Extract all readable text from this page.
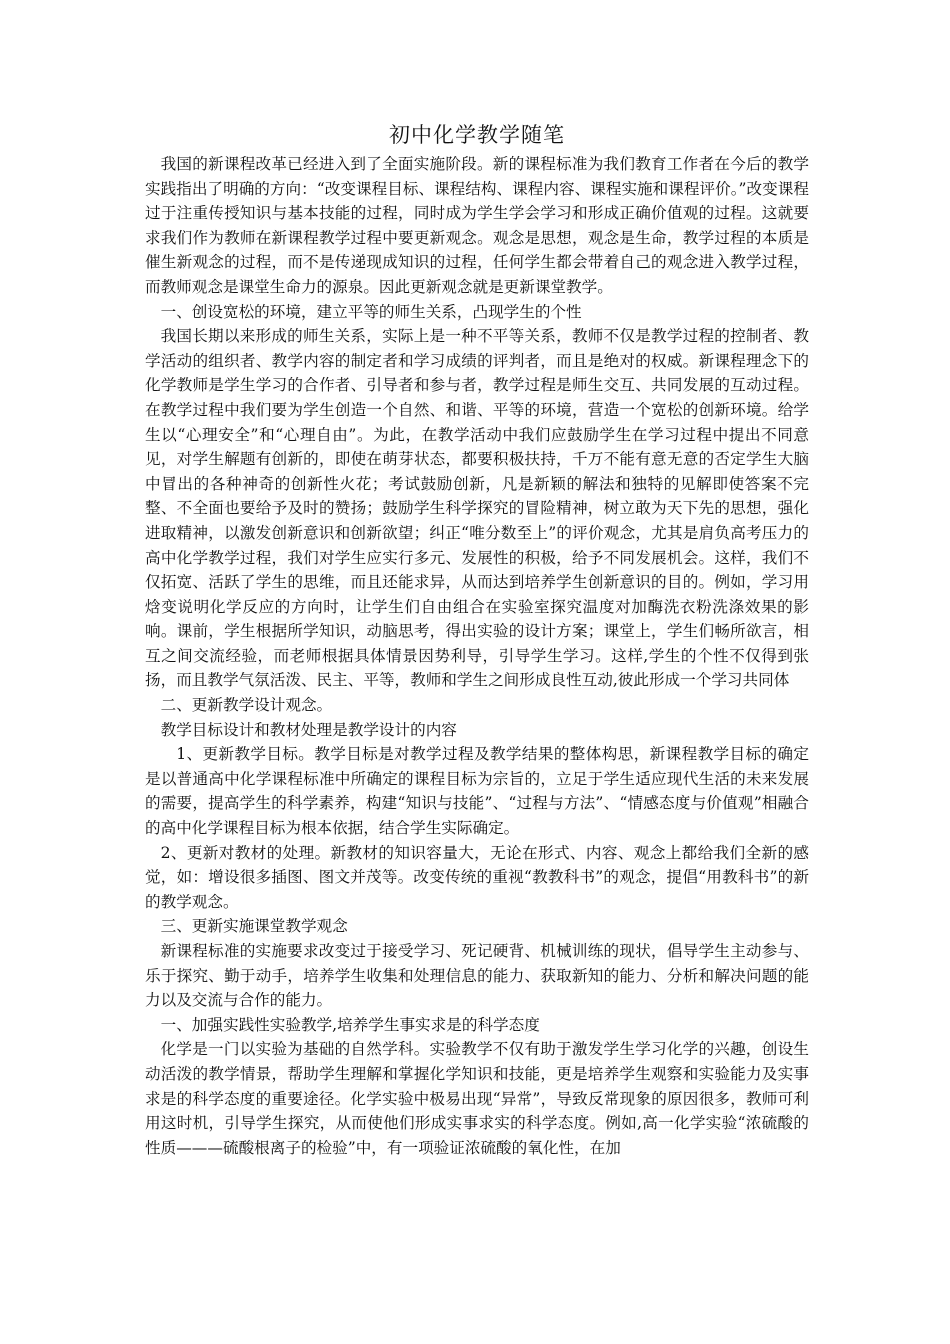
初中化学教学随笔

我国的新课程改革已经进入到了全面实施阶段。新的课程标准为我们教育工作者在今后的教学实践指出了明确的方向：“改变课程目标、课程结构、课程内容、课程实施和课程评价。”改变课程过于注重传授知识与基本技能的过程，同时成为学生学会学习和形成正确价值观的过程。这就要求我们作为教师在新课程教学过程中要更新观念。观念是思想，观念是生命，教学过程的本质是催生新观念的过程，而不是传递现成知识的过程，任何学生都会带着自己的观念进入教学过程，而教师观念是课堂生命力的源泉。因此更新观念就是更新课堂教学。

一、创设宽松的环境，建立平等的师生关系，凸现学生的个性

我国长期以来形成的师生关系，实际上是一种不平等关系，教师不仅是教学过程的控制者、教学活动的组织者、教学内容的制定者和学习成绩的评判者，而且是绝对的权威。新课程理念下的化学教师是学生学习的合作者、引导者和参与者，教学过程是师生交互、共同发展的互动过程。在教学过程中我们要为学生创造一个自然、和谐、平等的环境，营造一个宽松的创新环境。给学生以“心理安全”和“心理自由”。为此，在教学活动中我们应鼓励学生在学习过程中提出不同意见，对学生解题有创新的，即使在萌芽状态，都要积极扶持，千万不能有意无意的否定学生大脑中冒出的各种神奇的创新性火花；考试鼓励创新，凡是新颖的解法和独特的见解即使答案不完整、不全面也要给予及时的赞扬；鼓励学生科学探究的冒险精神，树立敢为天下先的思想，强化进取精神，以激发创新意识和创新欲望；纠正“唯分数至上”的评价观念，尤其是肩负高考压力的高中化学教学过程，我们对学生应实行多元、发展性的积极，给予不同发展机会。这样，我们不仅拓宽、活跃了学生的思维，而且还能求异，从而达到培养学生创新意识的目的。例如，学习用焓变说明化学反应的方向时，让学生们自由组合在实验室探究温度对加酶洗衣粉洗涤效果的影响。课前，学生根据所学知识，动脑思考，得出实验的设计方案；课堂上，学生们畅所欲言，相互之间交流经验，而老师根据具体情景因势利导，引导学生学习。这样,学生的个性不仅得到张扬，而且教学气氛活泼、民主、平等，教师和学生之间形成良性互动,彼此形成一个学习共同体

二、更新教学设计观念。

教学目标设计和教材处理是教学设计的内容

1、更新教学目标。教学目标是对教学过程及教学结果的整体构思，新课程教学目标的确定是以普通高中化学课程标准中所确定的课程目标为宗旨的，立足于学生适应现代生活的未来发展的需要，提高学生的科学素养，构建“知识与技能”、“过程与方法”、“情感态度与价值观”相融合的高中化学课程目标为根本依据，结合学生实际确定。

2、更新对教材的处理。新教材的知识容量大，无论在形式、内容、观念上都给我们全新的感觉，如：增设很多插图、图文并茂等。改变传统的重视“教教科书”的观念，提倡“用教科书”的新的教学观念。

三、更新实施课堂教学观念

新课程标准的实施要求改变过于接受学习、死记硬背、机械训练的现状，倡导学生主动参与、乐于探究、勤于动手，培养学生收集和处理信息的能力、获取新知的能力、分析和解决问题的能力以及交流与合作的能力。

一、加强实践性实验教学,培养学生事实求是的科学态度

化学是一门以实验为基础的自然学科。实验教学不仅有助于激发学生学习化学的兴趣，创设生动活泼的教学情景，帮助学生理解和掌握化学知识和技能，更是培养学生观察和实验能力及实事求是的科学态度的重要途径。化学实验中极易出现“异常”，导致反常现象的原因很多，教师可利用这时机，引导学生探究，从而使他们形成实事求实的科学态度。例如,高一化学实验“浓硫酸的性质———硫酸根离子的检验”中，有一项验证浓硫酸的氧化性，在加
